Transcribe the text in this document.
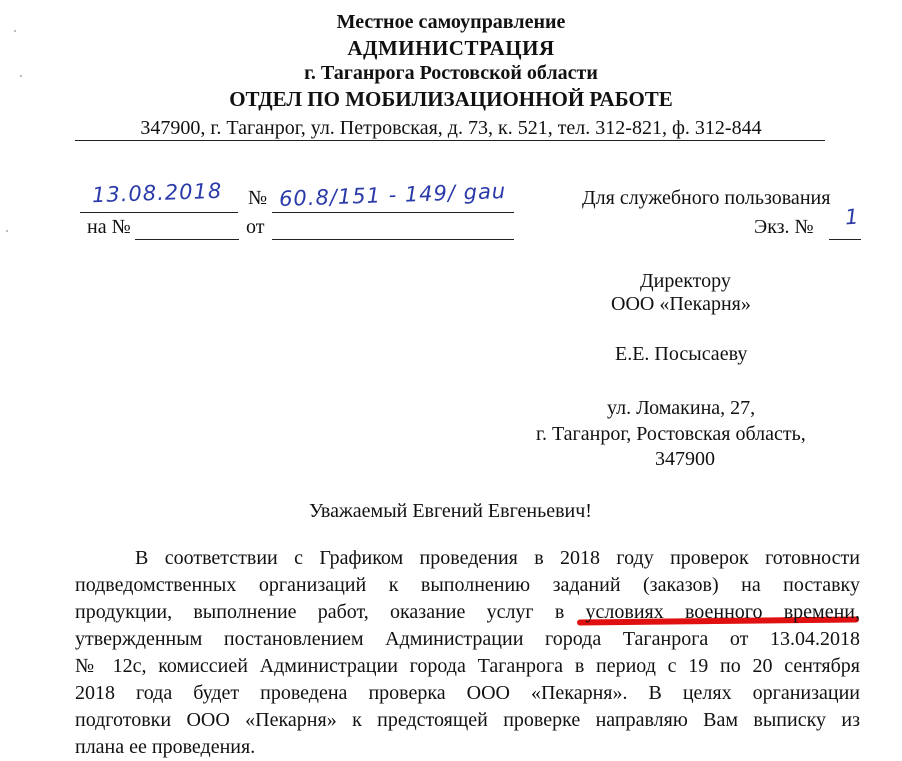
Местное самоуправление
АДМИНИСТРАЦИЯ
г. Таганрога Ростовской области
ОТДЕЛ ПО МОБИЛИЗАЦИОННОЙ РАБОТЕ
347900, г. Таганрог, ул. Петровская, д. 73, к. 521, тел. 312-821, ф. 312-844
13.08.2018 № 60.8/151 - 149/ gau
на №	от
Для служебного пользования
Экз. № 1
Директору
ООО «Пекарня»
Е.Е. Посысаеву
ул. Ломакина, 27,
г. Таганрог, Ростовская область,
347900
Уважаемый Евгений Евгеньевич!
В соответствии с Графиком проведения в 2018 году проверок готовности
подведомственных организаций к выполнению заданий (заказов) на поставку
продукции, выполнение работ, оказание услуг в условиях военного времени,
утвержденным постановлением Администрации города Таганрога от 13.04.2018
№ 12с, комиссией Администрации города Таганрога в период с 19 по 20 сентября
2018 года будет проведена проверка ООО «Пекарня». В целях организации
подготовки ООО «Пекарня» к предстоящей проверке направляю Вам выписку из
плана ее проведения.
